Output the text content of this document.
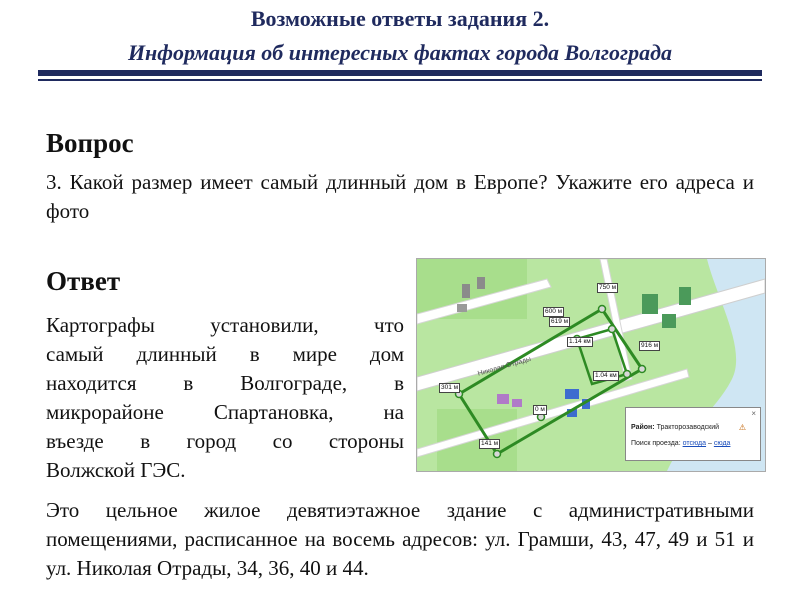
Возможные ответы задания 2.
Информация об интересных фактах города Волгограда
Вопрос
3. Какой размер имеет самый длинный дом в Европе? Укажите его адреса и фото
Ответ
Картографы установили, что
самый длинный в мире дом
находится в Волгограде, в
микрорайоне Спартановка, на
въезде в город со стороны
Волжской ГЭС.
Это цельное жилое девятиэтажное здание с административными помещениями, расписанное на восемь адресов: ул. Грамши, 43, 47, 49 и 51 и ул. Николая Отрады, 34, 36, 40 и 44.
Николая Отрады
750 м
600 м
619 м
1.14 км
916 м
1.04 км
301 м
0 м
141 м
×
⚠
Район: Тракторозаводский
Поиск проезда: отсюда – сюда
